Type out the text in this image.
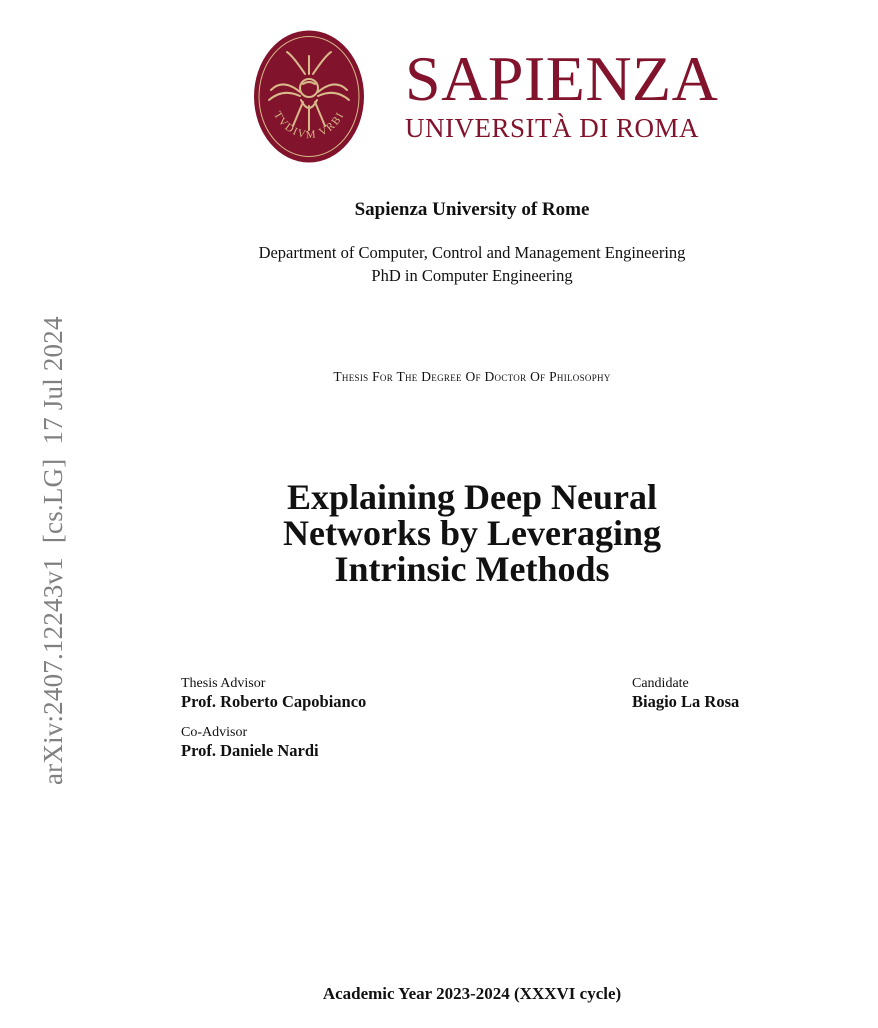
TVDIVM VRBI
SAPIENZA
UNIVERSITÀ DI ROMA
Sapienza University of Rome
Department of Computer, Control and Management Engineering
PhD in Computer Engineering
Thesis For The Degree Of Doctor Of Philosophy
Explaining Deep Neural
Networks by Leveraging
Intrinsic Methods
Thesis Advisor
Prof. Roberto Capobianco
Co-Advisor
Prof. Daniele Nardi
Candidate
Biagio La Rosa
Academic Year 2023-2024 (XXXVI cycle)
arXiv:2407.12243v1[cs.LG]17 Jul 2024
